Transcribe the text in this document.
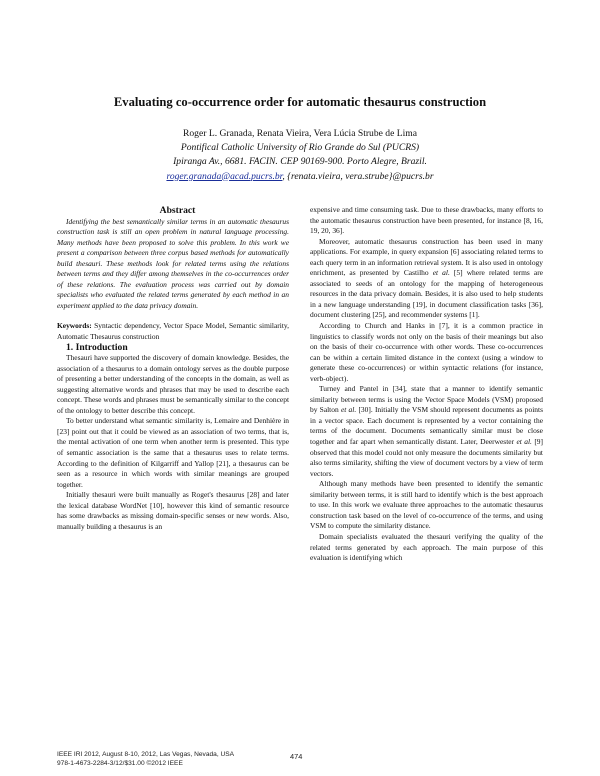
Evaluating co-occurrence order for automatic thesaurus construction
Roger L. Granada, Renata Vieira, Vera Lúcia Strube de Lima
Pontifical Catholic University of Rio Grande do Sul (PUCRS)
Ipiranga Av., 6681. FACIN. CEP 90169-900. Porto Alegre, Brazil.
roger.granada@acad.pucrs.br, {renata.vieira, vera.strube}@pucrs.br

Abstract

Identifying the best semantically similar terms in an automatic thesaurus construction task is still an open problem in natural language processing. Many methods have been proposed to solve this problem. In this work we present a comparison between three corpus based methods for automatically build thesauri. These methods look for related terms using the relations between terms and they differ among themselves in the co-occurrences order of these relations. The evaluation process was carried out by domain specialists who evaluated the related terms generated by each method in an experiment applied to the data privacy domain.

Keywords: Syntactic dependency, Vector Space Model, Semantic similarity, Automatic Thesaurus construction

1. Introduction

Thesauri have supported the discovery of domain knowledge. Besides, the association of a thesaurus to a domain ontology serves as the double purpose of presenting a better understanding of the concepts in the domain, as well as suggesting alternative words and phrases that may be used to describe each concept. These words and phrases must be semantically similar to the concept of the ontology to better describe this concept.

To better understand what semantic similarity is, Lemaire and Denhière in [23] point out that it could be viewed as an association of two terms, that is, the mental activation of one term when another term is presented. This type of semantic association is the same that a thesaurus uses to relate terms. According to the definition of Kilgarriff and Yallop [21], a thesaurus can be seen as a resource in which words with similar meanings are grouped together.

Initially thesauri were built manually as Roget's thesaurus [28] and later the lexical database WordNet [10], however this kind of semantic resource has some drawbacks as missing domain-specific senses or new words. Also, manually building a thesaurus is an

expensive and time consuming task. Due to these drawbacks, many efforts to the automatic thesaurus construction have been presented, for instance [8, 16, 19, 20, 36].

Moreover, automatic thesaurus construction has been used in many applications. For example, in query expansion [6] associating related terms to each query term in an information retrieval system. It is also used in ontology enrichment, as presented by Castilho et al. [5] where related terms are associated to seeds of an ontology for the mapping of heterogeneous resources in the data privacy domain. Besides, it is also used to help students in a new language understanding [19], in document classification tasks [36], document clustering [25], and recommender systems [1].

According to Church and Hanks in [7], it is a common practice in linguistics to classify words not only on the basis of their meanings but also on the basis of their co-occurrence with other words. These co-occurrences can be within a certain limited distance in the context (using a window to generate these co-occurrences) or within syntactic relations (for instance, verb-object).

Turney and Pantel in [34], state that a manner to identify semantic similarity between terms is using the Vector Space Models (VSM) proposed by Salton et al. [30]. Initially the VSM should represent documents as points in a vector space. Each document is represented by a vector containing the terms of the document. Documents semantically similar must be close together and far apart when semantically distant. Later, Deerwester et al. [9] observed that this model could not only measure the documents similarity but also terms similarity, shifting the view of document vectors by a view of term vectors.

Although many methods have been presented to identify the semantic similarity between terms, it is still hard to identify which is the best approach to use. In this work we evaluate three approaches to the automatic thesaurus construction task based on the level of co-occurrence of the terms, and using VSM to compute the similarity distance.

Domain specialists evaluated the thesauri verifying the quality of the related terms generated by each approach. The main purpose of this evaluation is identifying which

IEEE IRI 2012, August 8-10, 2012, Las Vegas, Nevada, USA
978-1-4673-2284-3/12/$31.00 ©2012 IEEE
474
